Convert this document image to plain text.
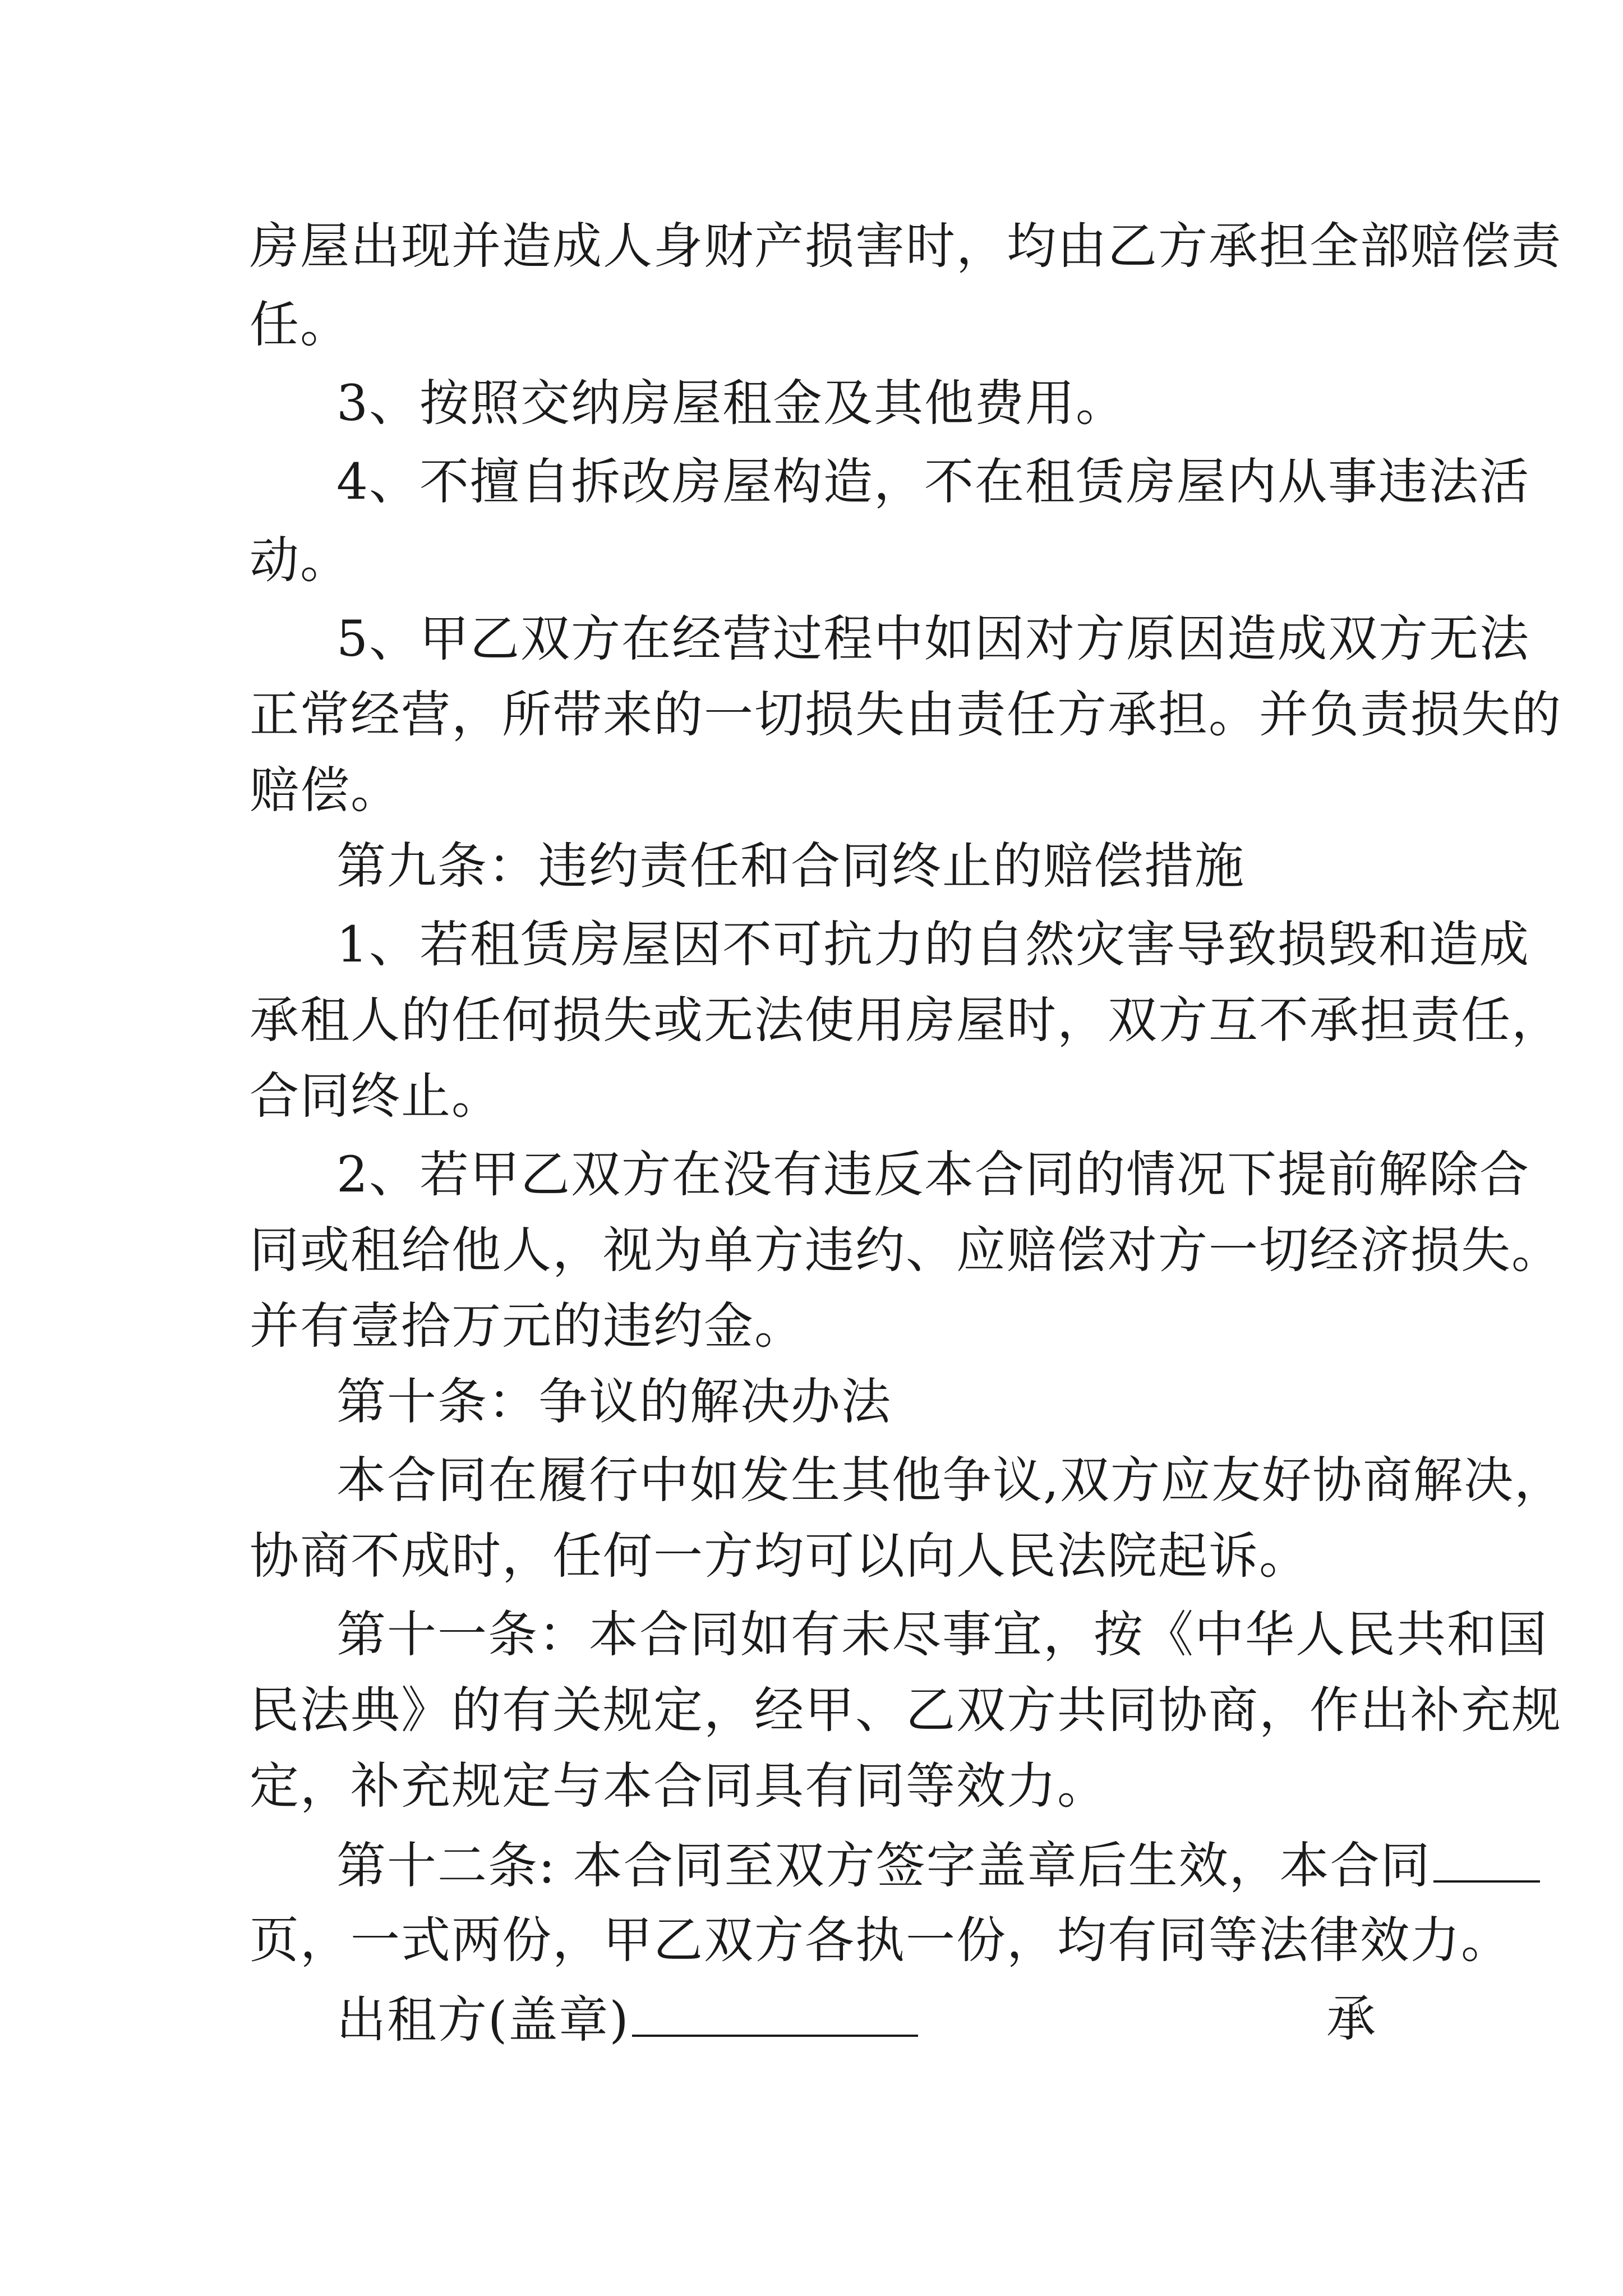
房屋出现并造成人身财产损害时，均由乙方承担全部赔偿责
任。
3、按照交纳房屋租金及其他费用。
4、不擅自拆改房屋构造，不在租赁房屋内从事违法活
动。
5、甲乙双方在经营过程中如因对方原因造成双方无法
正常经营，所带来的一切损失由责任方承担。并负责损失的
赔偿。
第九条：违约责任和合同终止的赔偿措施
1、若租赁房屋因不可抗力的自然灾害导致损毁和造成
承租人的任何损失或无法使用房屋时，双方互不承担责任，
合同终止。
2、若甲乙双方在没有违反本合同的情况下提前解除合
同或租给他人，视为单方违约、应赔偿对方一切经济损失。
并有壹拾万元的违约金。
第十条：争议的解决办法
本合同在履行中如发生其他争议,双方应友好协商解决，
协商不成时，任何一方均可以向人民法院起诉。
第十一条：本合同如有未尽事宜，按《中华人民共和国
民法典》的有关规定，经甲、乙双方共同协商，作出补充规
定，补充规定与本合同具有同等效力。
第十二条: 本合同至双方签字盖章后生效，本合同
页，一式两份，甲乙双方各执一份，均有同等法律效力。
出租方(盖章)	承
